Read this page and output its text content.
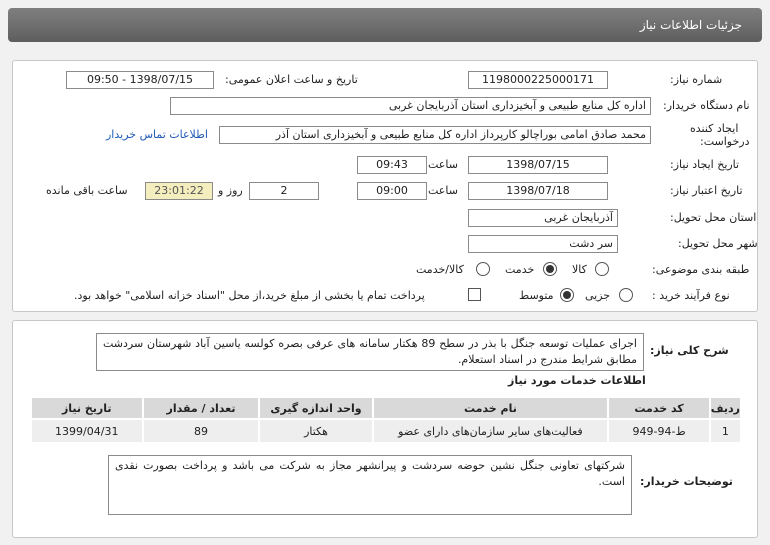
جزئیات اطلاعات نیاز
شماره نیاز:
1198000225000171
تاریخ و ساعت اعلان عمومی:
1398/07/15 - 09:50
نام دستگاه خریدار:
اداره کل منابع طبیعی و آبخیزداری استان آذربایجان غربی
ایجاد کننده
درخواست:
محمد صادق امامی بوراچالو کارپرداز اداره کل منابع طبیعی و آبخیزداری استان آذر
اطلاعات تماس خریدار
تاریخ ایجاد نیاز:
1398/07/15
ساعت
09:43
تاریخ اعتبار نیاز:
1398/07/18
ساعت
09:00
2
روز و
23:01:22
ساعت باقی مانده
استان محل تحویل:
آذربایجان غربی
شهر محل تحویل:
سر دشت
طبقه بندی موضوعی:
کالا
خدمت
کالا/خدمت
نوع فرآیند خرید :
جزیی
متوسط
پرداخت تمام یا بخشی از مبلغ خرید،از محل "اسناد خزانه اسلامی" خواهد بود.
شرح کلی نیاز:
اجرای عملیات توسعه جنگل با بذر در سطح 89 هکتار سامانه های عرفی بصره کولسه یاسین آباد شهرستان سردشت مطابق شرایط مندرج در اسناد استعلام.
اطلاعات خدمات مورد نیاز
ردیف	کد خدمت	نام خدمت	واحد اندازه گیری	تعداد / مقدار	تاریخ نیاز
1	ط-94-949	فعالیت‌های سایر سازمان‌های دارای عضو	هکتار	89	1399/04/31
توضیحات خریدار:
شرکتهای تعاونی جنگل نشین حوضه سردشت و پیرانشهر مجاز به شرکت می باشد و پرداخت بصورت نقدی است.
